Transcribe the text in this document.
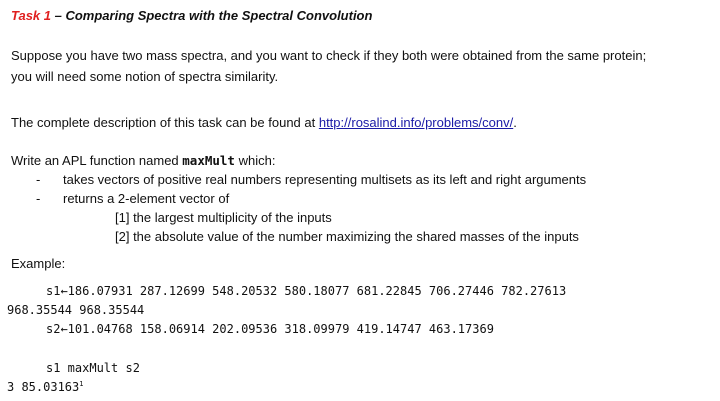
Task 1 – Comparing Spectra with the Spectral Convolution
Suppose you have two mass spectra, and you want to check if they both were obtained from the same protein;
you will need some notion of spectra similarity.
The complete description of this task can be found at http://rosalind.info/problems/conv/.
Write an APL function named maxMult which:
- takes vectors of positive real numbers representing multisets as its left and right arguments
- returns a 2-element vector of
[1] the largest multiplicity of the inputs
[2] the absolute value of the number maximizing the shared masses of the inputs
Example:
s1←186.07931 287.12699 548.20532 580.18077 681.22845 706.27446 782.27613
968.35544 968.35544
s2←101.04768 158.06914 202.09536 318.09979 419.14747 463.17369
s1 maxMult s2
3 85.03163$^1$
